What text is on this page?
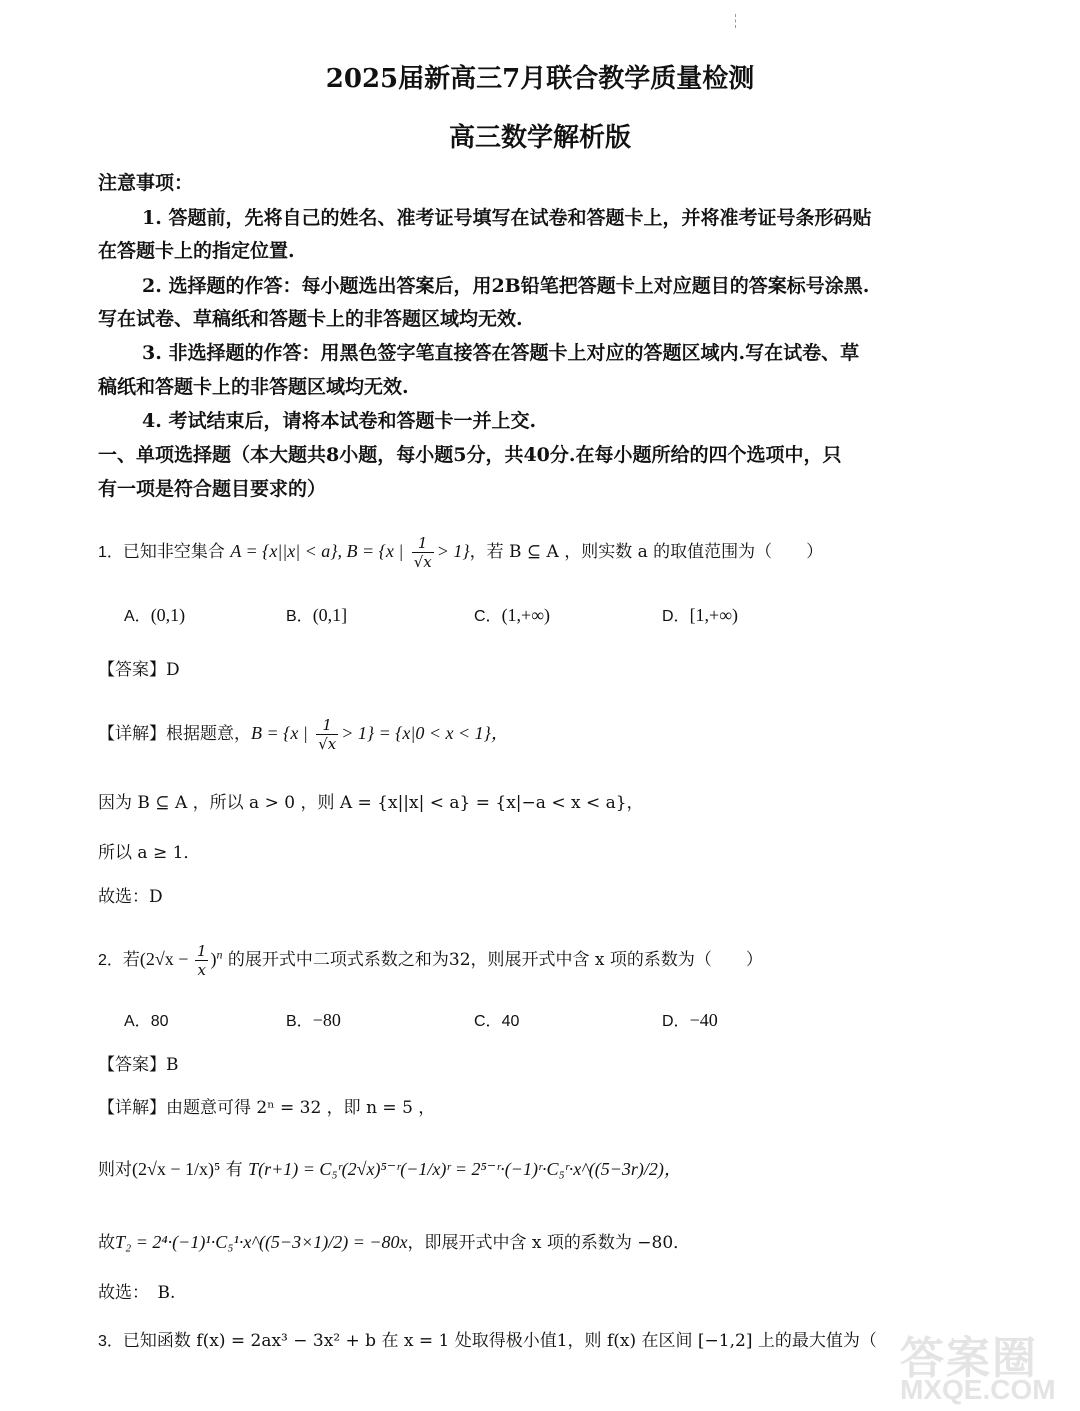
2025届新高三7月联合教学质量检测
高三数学解析版
注意事项：
1. 答题前，先将自己的姓名、准考证号填写在试卷和答题卡上，并将准考证号条形码贴
在答题卡上的指定位置.
2. 选择题的作答：每小题选出答案后，用2B铅笔把答题卡上对应题目的答案标号涂黑.
写在试卷、草稿纸和答题卡上的非答题区域均无效.
3. 非选择题的作答：用黑色签字笔直接答在答题卡上对应的答题区域内.写在试卷、草
稿纸和答题卡上的非答题区域均无效.
4. 考试结束后，请将本试卷和答题卡一并上交.
一、单项选择题（本大题共8小题，每小题5分，共40分.在每小题所给的四个选项中，只
有一项是符合题目要求的）
1．已知非空集合 A = {x||x| < a}, B = {x | $\frac{1}{√x} > 1$}，若 B ⊆ A ，则实数 a 的取值范围为（　　）
A．(0,1)	B．(0,1]	C．(1,+∞)	D．[1,+∞)
【答案】D
【详解】根据题意，B = {x | $\frac{1}{√x} > 1\} = \{x|0 < x < 1\}$，
因为 B ⊆ A ，所以 a > 0 ，则 A = {x||x| < a} = {x|−a < x < a}，
所以 a ≥ 1．
故选：D
2．若$(2√x - \frac{1}{x} )^n$ 的展开式中二项式系数之和为32，则展开式中含 x 项的系数为（　　）
A．80	B．−80	C．40	D．−40
【答案】B
【详解】由题意可得 2ⁿ = 32 ，即 n = 5 ，
则对(2√x − 1/x)⁵ 有 T(r+1) = C₅ʳ(2√x)⁵⁻ʳ(−1/x)ʳ = 2⁵⁻ʳ·(−1)ʳ·C₅ʳ·x^((5−3r)/2)，
故T₂ = 2⁴·(−1)¹·C₅¹·x^((5−3×1)/2) = −80x，即展开式中含 x 项的系数为 −80．
故选：　B.
3．已知函数 f(x) = 2ax³ − 3x² + b 在 x = 1 处取得极小值1，则 f(x) 在区间 [−1,2] 上的最大值为（ 答案圈
MXQE.COM
